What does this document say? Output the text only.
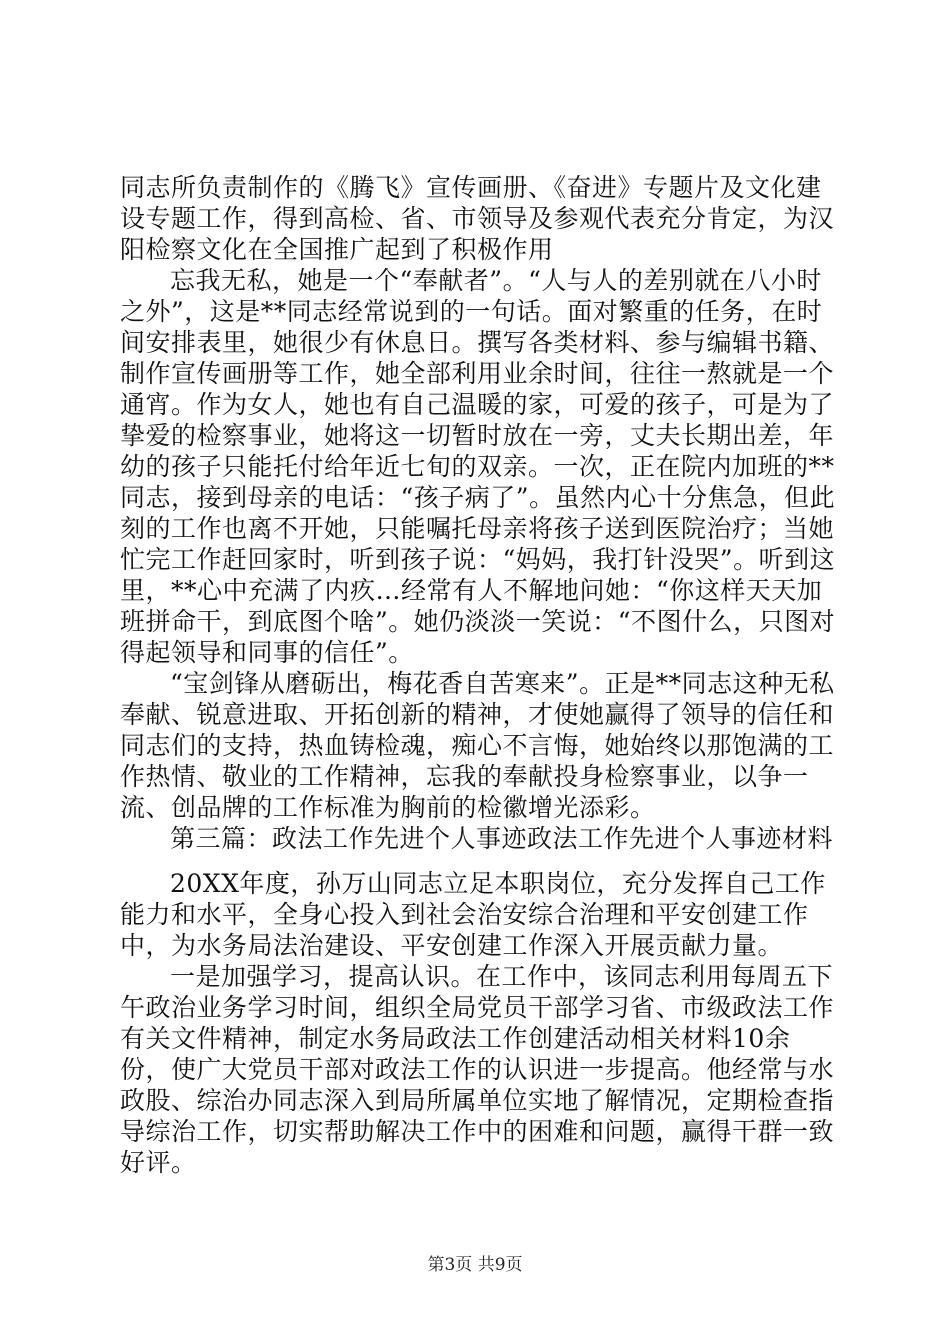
同志所负责制作的《腾飞》宣传画册、《奋进》专题片及文化建设专题工作，得到高检、省、市领导及参观代表充分肯定，为汉阳检察文化在全国推广起到了积极作用

忘我无私，她是一个“奉献者”。“人与人的差别就在八小时之外”，这是**同志经常说到的一句话。面对繁重的任务，在时间安排表里，她很少有休息日。撰写各类材料、参与编辑书籍、制作宣传画册等工作，她全部利用业余时间，往往一熬就是一个通宵。作为女人，她也有自己温暖的家，可爱的孩子，可是为了挚爱的检察事业，她将这一切暂时放在一旁，丈夫长期出差，年幼的孩子只能托付给年近七旬的双亲。一次，正在院内加班的**同志，接到母亲的电话：“孩子病了”。虽然内心十分焦急，但此刻的工作也离不开她，只能嘱托母亲将孩子送到医院治疗；当她忙完工作赶回家时，听到孩子说：“妈妈，我打针没哭”。听到这里，**心中充满了内疚…经常有人不解地问她：“你这样天天加班拼命干，到底图个啥”。她仍淡淡一笑说：“不图什么，只图对得起领导和同事的信任”。

“宝剑锋从磨砺出，梅花香自苦寒来”。正是**同志这种无私奉献、锐意进取、开拓创新的精神，才使她赢得了领导的信任和同志们的支持，热血铸检魂，痴心不言悔，她始终以那饱满的工作热情、敬业的工作精神，忘我的奉献投身检察事业，以争一流、创品牌的工作标准为胸前的检徽增光添彩。

第三篇：政法工作先进个人事迹政法工作先进个人事迹材料

20XX年度，孙万山同志立足本职岗位，充分发挥自己工作能力和水平，全身心投入到社会治安综合治理和平安创建工作中，为水务局法治建设、平安创建工作深入开展贡献力量。

一是加强学习，提高认识。在工作中，该同志利用每周五下午政治业务学习时间，组织全局党员干部学习省、市级政法工作有关文件精神，制定水务局政法工作创建活动相关材料10余份，使广大党员干部对政法工作的认识进一步提高。他经常与水政股、综治办同志深入到局所属单位实地了解情况，定期检查指导综治工作，切实帮助解决工作中的困难和问题，赢得干群一致好评。

第3页 共9页
